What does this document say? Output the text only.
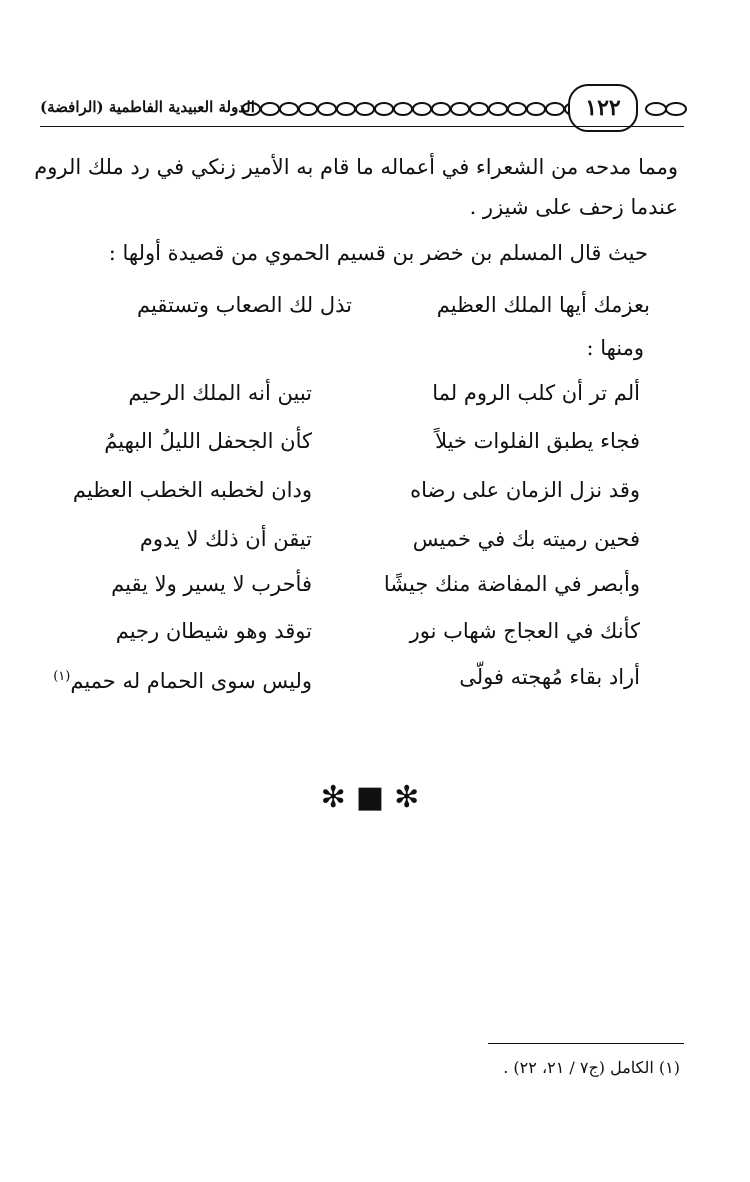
الدولة العبيدية الفاطمية (الرافضة)	١٢٢
ومما مدحه من الشعراء في أعماله ما قام به الأمير زنكي في رد ملك الروم
عندما زحف على شيزر .
حيث قال المسلم بن خضر بن قسيم الحموي من قصيدة أولها :
بعزمك أيها الملك العظيم
تذل لك الصعاب وتستقيم
ومنها :
ألم تر أن كلب الروم لما
تبين أنه الملك الرحيم
فجاء يطبق الفلوات خيلاً
كأن الجحفل الليلُ البهيمُ
وقد نزل الزمان على رضاه
ودان لخطبه الخطب العظيم
فحين رميته بك في خميس
تيقن أن ذلك لا يدوم
وأبصر في المفاضة منك جيشًا
فأحرب لا يسير ولا يقيم
كأنك في العجاج شهاب نور
توقد وهو شيطان رجيم
أراد بقاء مُهجته فولّى
وليس سوى الحمام له حميم$^{(١)}$
✻■✻
(١) الكامل (ج٧ / ٢١، ٢٢) .
